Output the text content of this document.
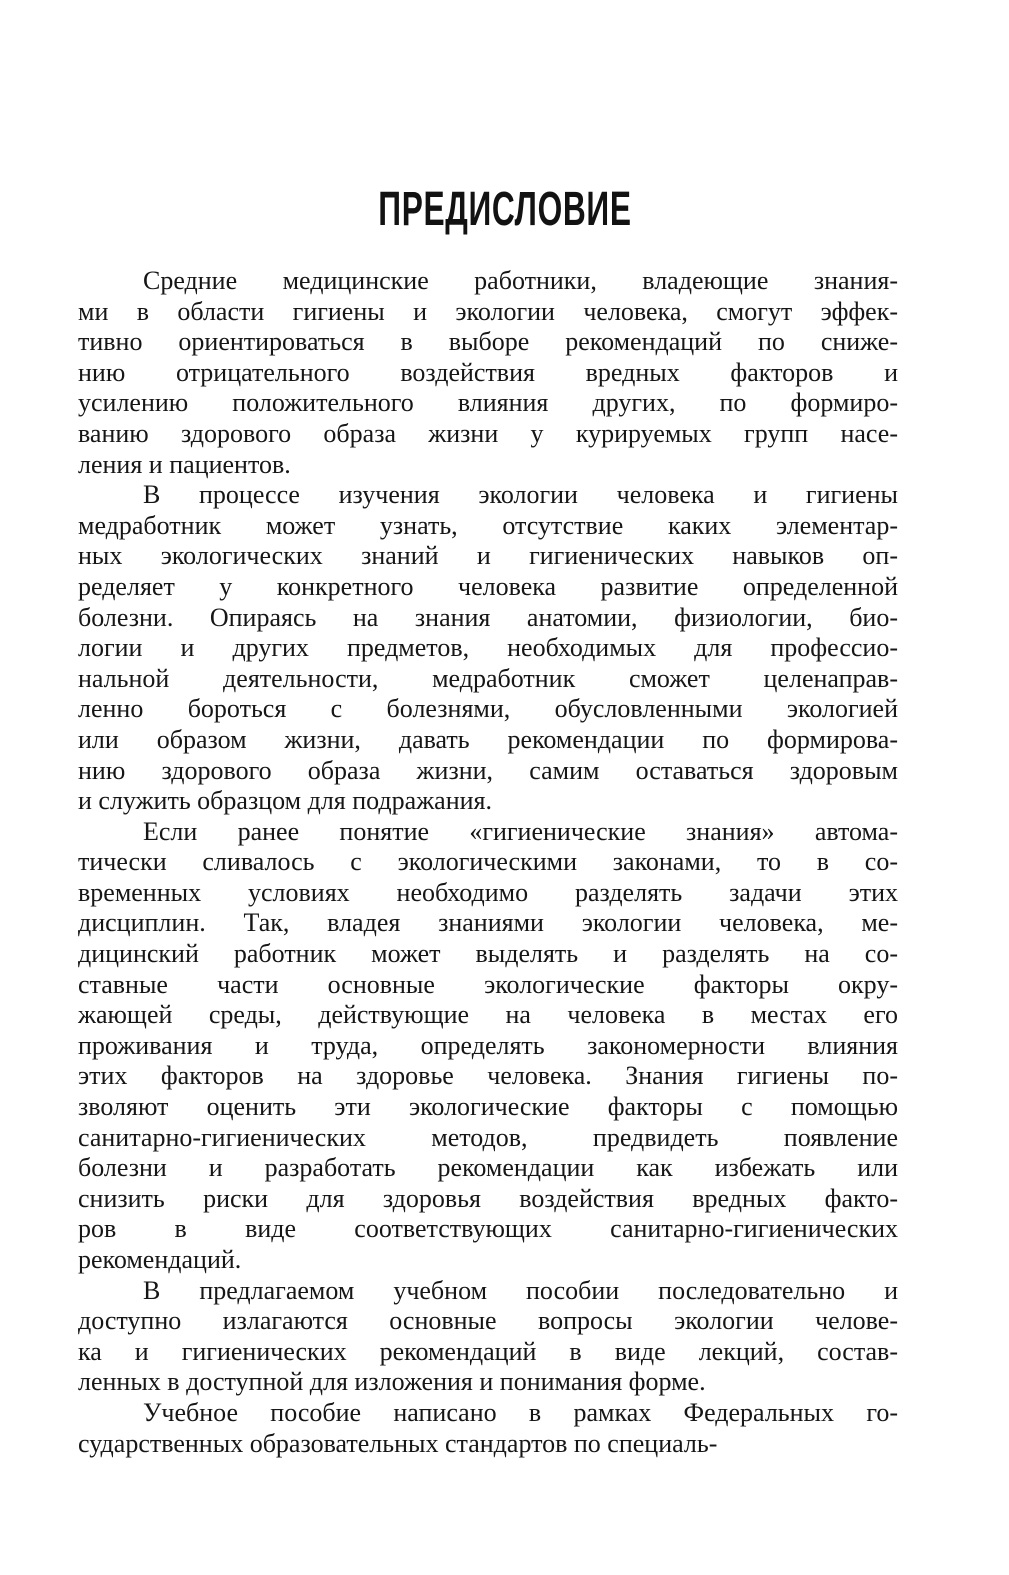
ПРЕДИСЛОВИЕ
Средние медицинские работники, владеющие знания-
ми в области гигиены и экологии человека, смогут эффек-
тивно ориентироваться в выборе рекомендаций по сниже-
нию отрицательного воздействия вредных факторов и
усилению положительного влияния других, по формиро-
ванию здорового образа жизни у курируемых групп насе-
ления и пациентов.
В процессе изучения экологии человека и гигиены
медработник может узнать, отсутствие каких элементар-
ных экологических знаний и гигиенических навыков оп-
ределяет у конкретного человека развитие определенной
болезни. Опираясь на знания анатомии, физиологии, био-
логии и других предметов, необходимых для профессио-
нальной деятельности, медработник сможет целенаправ-
ленно бороться с болезнями, обусловленными экологией
или образом жизни, давать рекомендации по формирова-
нию здорового образа жизни, самим оставаться здоровым
и служить образцом для подражания.
Если ранее понятие «гигиенические знания» автома-
тически сливалось с экологическими законами, то в со-
временных условиях необходимо разделять задачи этих
дисциплин. Так, владея знаниями экологии человека, ме-
дицинский работник может выделять и разделять на со-
ставные части основные экологические факторы окру-
жающей среды, действующие на человека в местах его
проживания и труда, определять закономерности влияния
этих факторов на здоровье человека. Знания гигиены по-
зволяют оценить эти экологические факторы с помощью
санитарно-гигиенических методов, предвидеть появление
болезни и разработать рекомендации как избежать или
снизить риски для здоровья воздействия вредных факто-
ров в виде соответствующих санитарно-гигиенических
рекомендаций.
В предлагаемом учебном пособии последовательно и
доступно излагаются основные вопросы экологии челове-
ка и гигиенических рекомендаций в виде лекций, состав-
ленных в доступной для изложения и понимания форме.
Учебное пособие написано в рамках Федеральных го-
сударственных образовательных стандартов по специаль-
